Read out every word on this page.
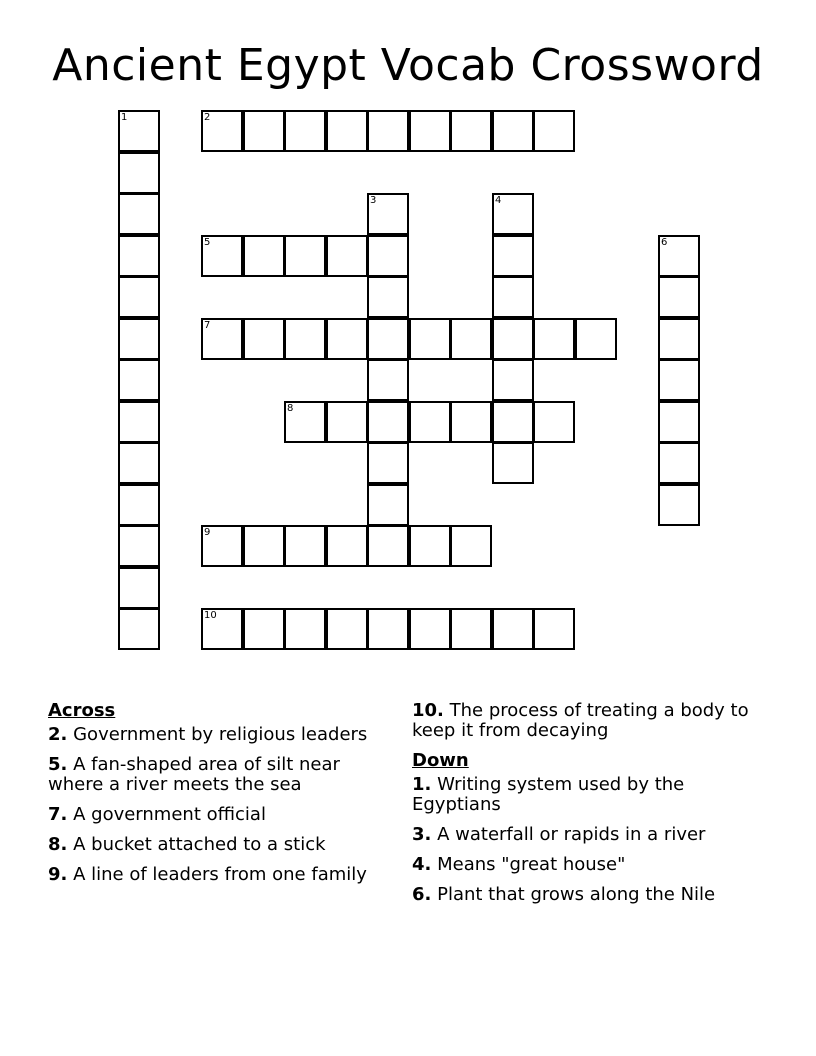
Ancient Egypt Vocab Crossword
1	2
3	4
5	6
7
8
9
10
Across
2. Government by religious leaders
5. A fan-shaped area of silt near where a river meets the sea
7. A government official
8. A bucket attached to a stick
9. A line of leaders from one family
10. The process of treating a body to keep it from decaying
Down
1. Writing system used by the Egyptians
3. A waterfall or rapids in a river
4. Means "great house"
6. Plant that grows along the Nile
